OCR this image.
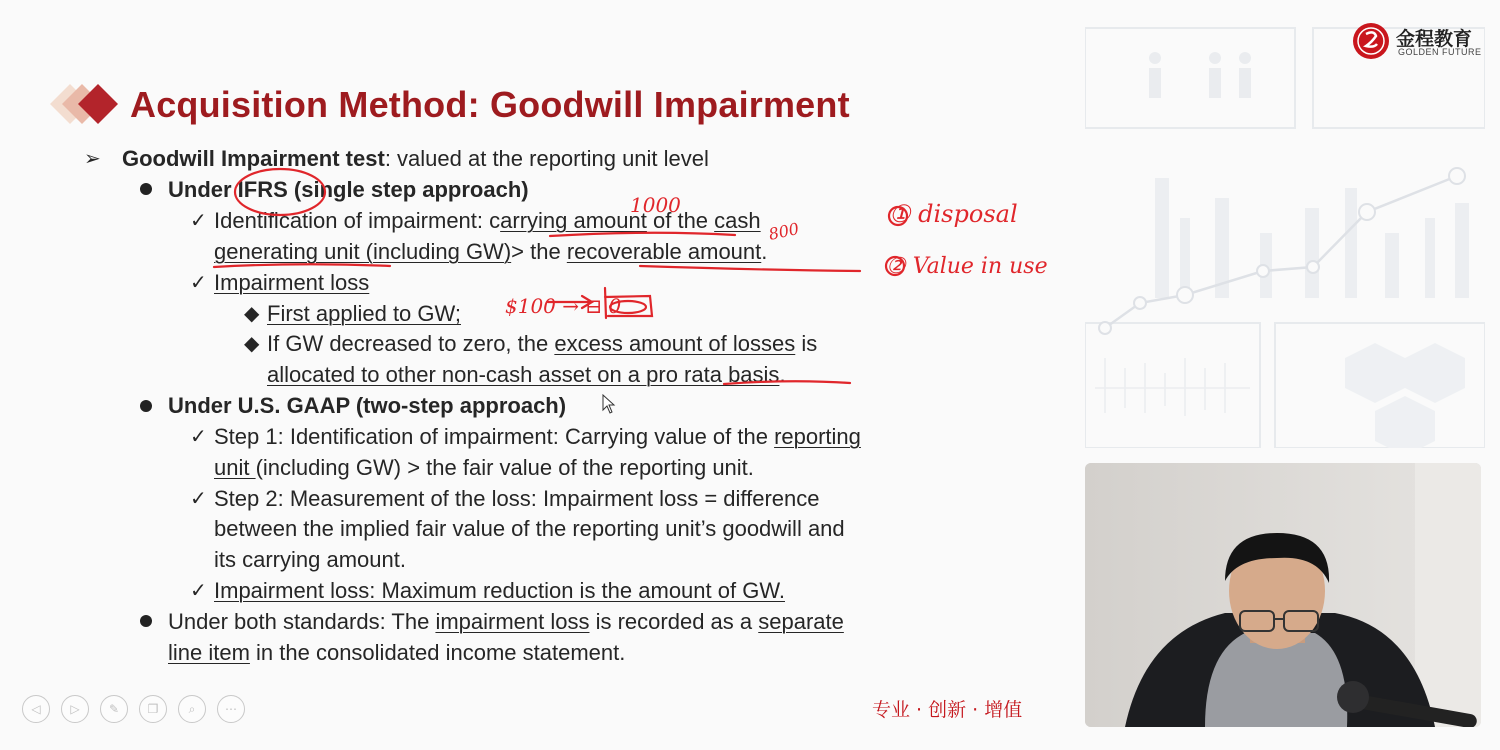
金程教育
GOLDEN FUTURE
Acquisition Method: Goodwill Impairment
➢ Goodwill Impairment test: valued at the reporting unit level
Under IFRS (single step approach)
✓ Identification of impairment: carrying amount of the cash
generating unit (including GW)> the recoverable amount.
✓ Impairment loss
◆ First applied to GW;
◆ If GW decreased to zero, the excess amount of losses is
allocated to other non-cash asset on a pro rata basis.
Under U.S. GAAP (two-step approach)
✓ Step 1: Identification of impairment: Carrying value of the reporting
unit (including GW) > the fair value of the reporting unit.
✓ Step 2: Measurement of the loss: Impairment loss = difference
between the implied fair value of the reporting unit’s goodwill and
its carrying amount.
✓ Impairment loss: Maximum reduction is the amount of GW.
Under both standards: The impairment loss is recorded as a separate
line item in the consolidated income statement.
◁	▷	✎	❐	⌕	⋯	专业 · 创新 · 增值
1000
800
① disposal
② Value in use
$100 → ⊟ 0
